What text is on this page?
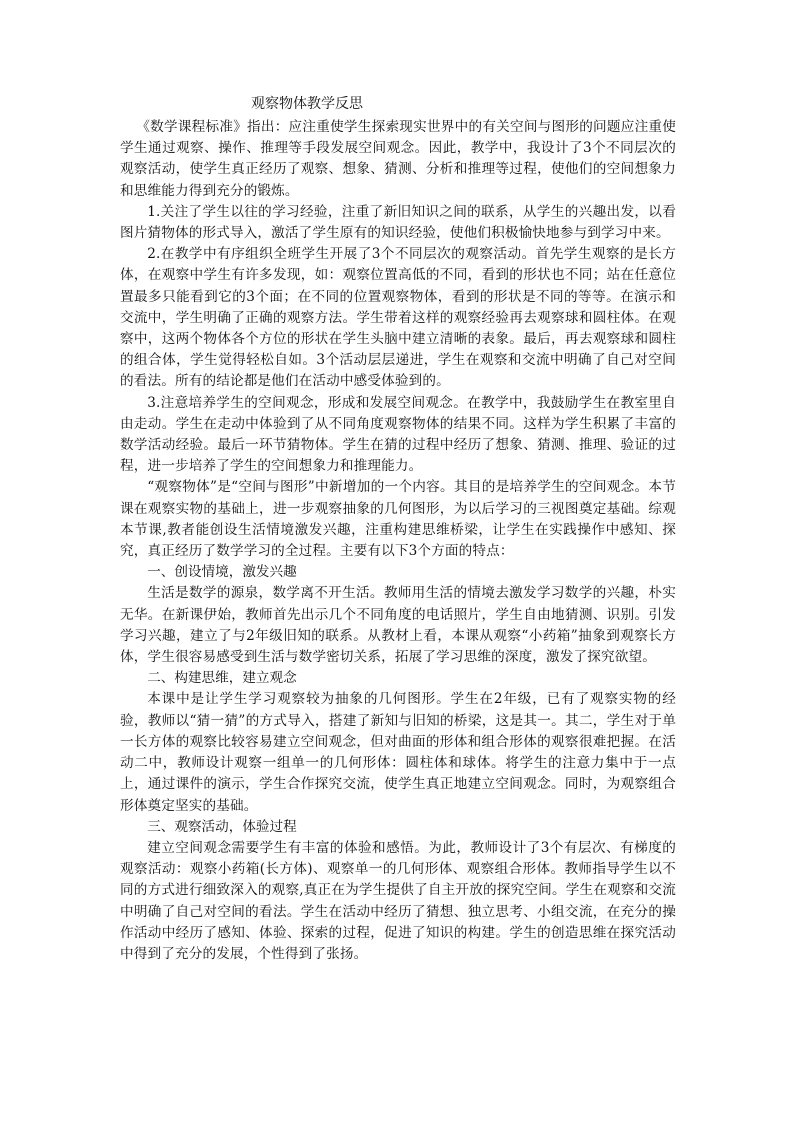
观察物体教学反思

《数学课程标准》指出：应注重使学生探索现实世界中的有关空间与图形的问题应注重使学生通过观察、操作、推理等手段发展空间观念。因此，教学中，我设计了3个不同层次的观察活动，使学生真正经历了观察、想象、猜测、分析和推理等过程，使他们的空间想象力和思维能力得到充分的锻炼。

1.关注了学生以往的学习经验，注重了新旧知识之间的联系，从学生的兴趣出发，以看图片猜物体的形式导入，激活了学生原有的知识经验，使他们积极愉快地参与到学习中来。

2.在教学中有序组织全班学生开展了3个不同层次的观察活动。首先学生观察的是长方体，在观察中学生有许多发现，如：观察位置高低的不同，看到的形状也不同；站在任意位置最多只能看到它的3个面；在不同的位置观察物体，看到的形状是不同的等等。在演示和交流中，学生明确了正确的观察方法。学生带着这样的观察经验再去观察球和圆柱体。在观察中，这两个物体各个方位的形状在学生头脑中建立清晰的表象。最后，再去观察球和圆柱的组合体，学生觉得轻松自如。3个活动层层递进，学生在观察和交流中明确了自己对空间的看法。所有的结论都是他们在活动中感受体验到的。

3.注意培养学生的空间观念，形成和发展空间观念。在教学中，我鼓励学生在教室里自由走动。学生在走动中体验到了从不同角度观察物体的结果不同。这样为学生积累了丰富的数学活动经验。最后一环节猜物体。学生在猜的过程中经历了想象、猜测、推理、验证的过程，进一步培养了学生的空间想象力和推理能力。

“观察物体”是“空间与图形”中新增加的一个内容。其目的是培养学生的空间观念。本节课在观察实物的基础上，进一步观察抽象的几何图形，为以后学习的三视图奠定基础。综观本节课,教者能创设生活情境激发兴趣，注重构建思维桥梁，让学生在实践操作中感知、探究，真正经历了数学学习的全过程。主要有以下3个方面的特点：

一、创设情境，激发兴趣

生活是数学的源泉，数学离不开生活。教师用生活的情境去激发学习数学的兴趣，朴实无华。在新课伊始，教师首先出示几个不同角度的电话照片，学生自由地猜测、识别。引发学习兴趣，建立了与2年级旧知的联系。从教材上看，本课从观察“小药箱”抽象到观察长方体，学生很容易感受到生活与数学密切关系，拓展了学习思维的深度，激发了探究欲望。

二、构建思维，建立观念

本课中是让学生学习观察较为抽象的几何图形。学生在2年级，已有了观察实物的经验，教师以“猜一猜”的方式导入，搭建了新知与旧知的桥梁，这是其一。其二，学生对于单一长方体的观察比较容易建立空间观念，但对曲面的形体和组合形体的观察很难把握。在活动二中，教师设计观察一组单一的几何形体：圆柱体和球体。将学生的注意力集中于一点上，通过课件的演示，学生合作探究交流，使学生真正地建立空间观念。同时，为观察组合形体奠定坚实的基础。

三、观察活动，体验过程

建立空间观念需要学生有丰富的体验和感悟。为此，教师设计了3个有层次、有梯度的观察活动：观察小药箱(长方体)、观察单一的几何形体、观察组合形体。教师指导学生以不同的方式进行细致深入的观察,真正在为学生提供了自主开放的探究空间。学生在观察和交流中明确了自己对空间的看法。学生在活动中经历了猜想、独立思考、小组交流，在充分的操作活动中经历了感知、体验、探索的过程，促进了知识的构建。学生的创造思维在探究活动中得到了充分的发展，个性得到了张扬。
